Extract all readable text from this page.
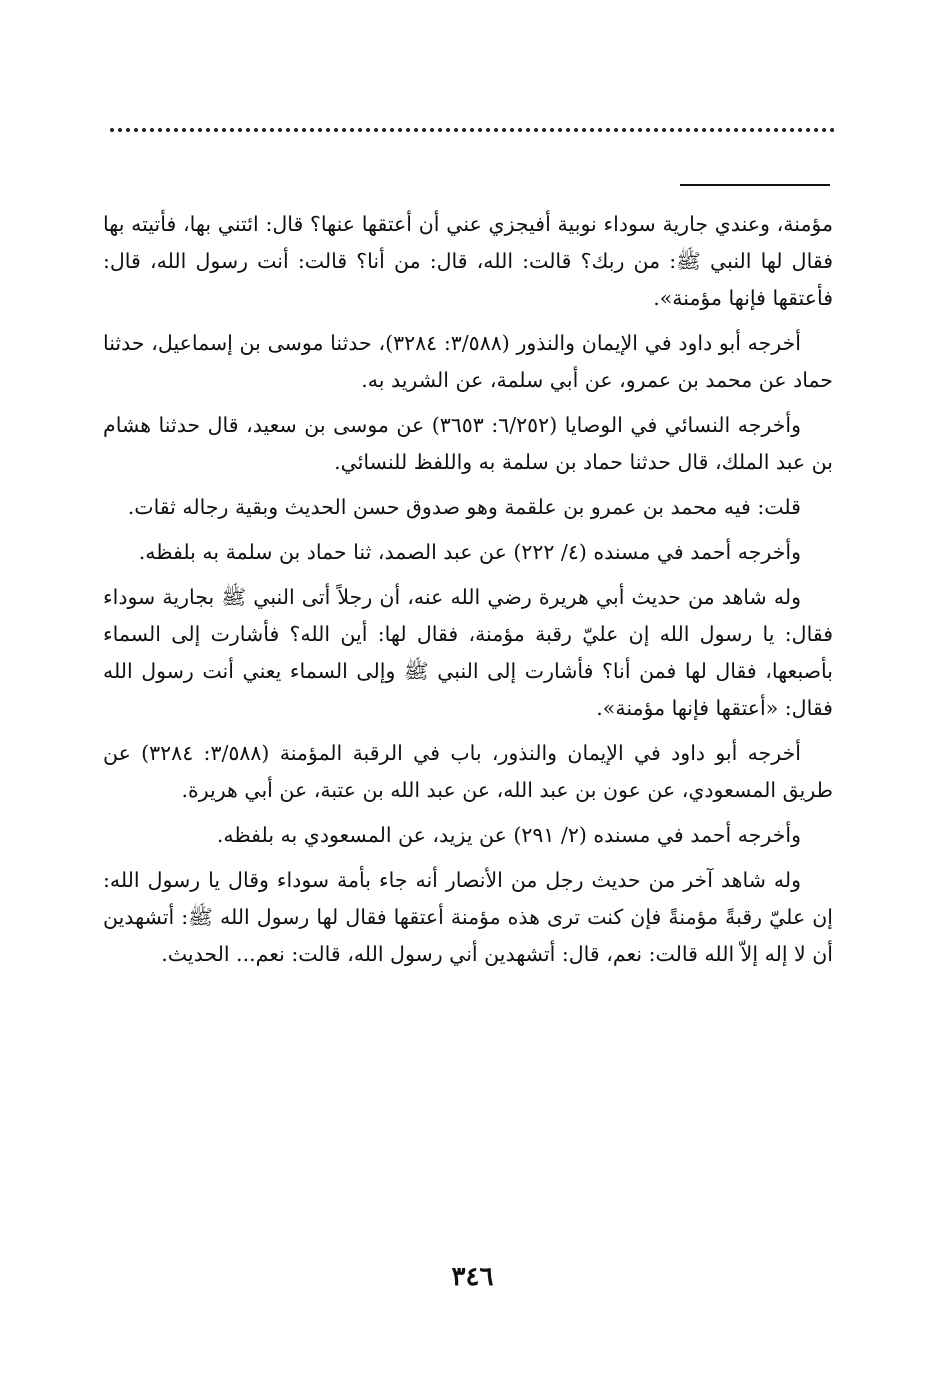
مؤمنة، وعندي جارية سوداء نوبية أفيجزي عني أن أعتقها عنها؟ قال: ائتني بها، فأتيته بها فقال لها النبي ﷺ: من ربك؟ قالت: الله، قال: من أنا؟ قالت: أنت رسول الله، قال: فأعتقها فإنها مؤمنة».

أخرجه أبو داود في الإيمان والنذور (٣/٥٨٨: ٣٢٨٤)، حدثنا موسى بن إسماعيل، حدثنا حماد عن محمد بن عمرو، عن أبي سلمة، عن الشريد به.

وأخرجه النسائي في الوصايا (٦/٢٥٢: ٣٦٥٣) عن موسى بن سعيد، قال حدثنا هشام بن عبد الملك، قال حدثنا حماد بن سلمة به واللفظ للنسائي.

قلت: فيه محمد بن عمرو بن علقمة وهو صدوق حسن الحديث وبقية رجاله ثقات.

وأخرجه أحمد في مسنده (٤/ ٢٢٢) عن عبد الصمد، ثنا حماد بن سلمة به بلفظه.

وله شاهد من حديث أبي هريرة رضي الله عنه، أن رجلاً أتى النبي ﷺ بجارية سوداء فقال: يا رسول الله إن عليّ رقبة مؤمنة، فقال لها: أين الله؟ فأشارت إلى السماء بأصبعها، فقال لها فمن أنا؟ فأشارت إلى النبي ﷺ وإلى السماء يعني أنت رسول الله فقال: «أعتقها فإنها مؤمنة».

أخرجه أبو داود في الإيمان والنذور، باب في الرقبة المؤمنة (٣/٥٨٨: ٣٢٨٤) عن طريق المسعودي، عن عون بن عبد الله، عن عبد الله بن عتبة، عن أبي هريرة.

وأخرجه أحمد في مسنده (٢/ ٢٩١) عن يزيد، عن المسعودي به بلفظه.

وله شاهد آخر من حديث رجل من الأنصار أنه جاء بأمة سوداء وقال يا رسول الله: إن عليّ رقبةً مؤمنةً فإن كنت ترى هذه مؤمنة أعتقها فقال لها رسول الله ﷺ: أتشهدين أن لا إله إلاّ الله قالت: نعم، قال: أتشهدين أني رسول الله، قالت: نعم... الحديث.

٣٤٦
